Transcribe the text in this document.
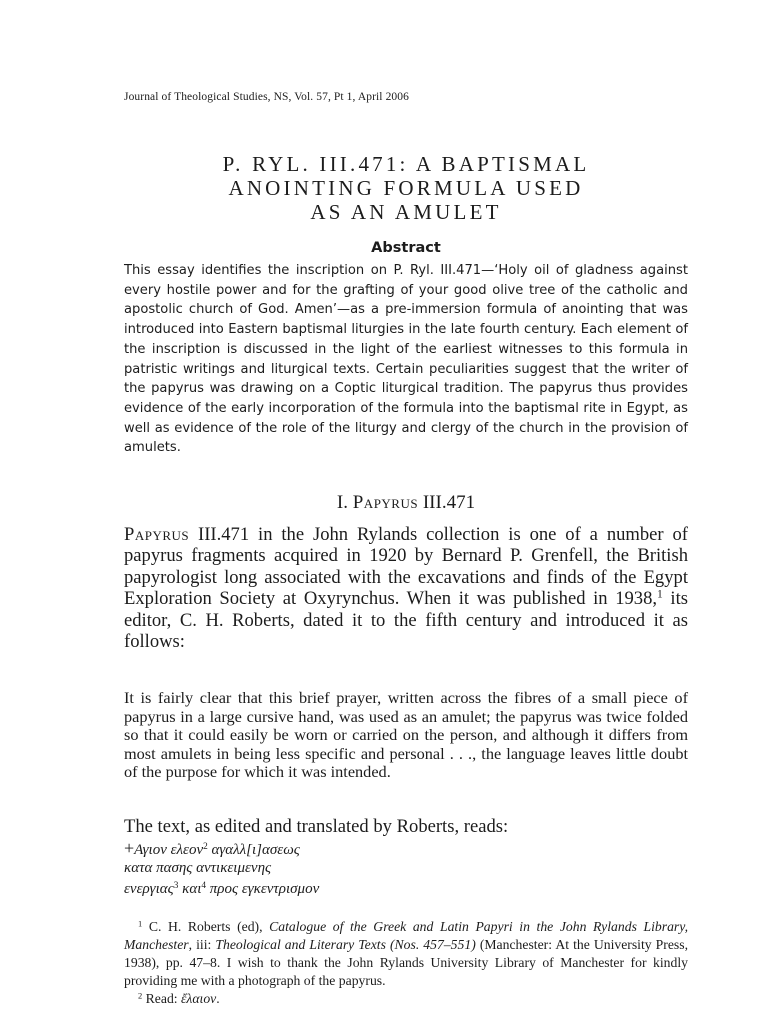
Journal of Theological Studies, NS, Vol. 57, Pt 1, April 2006
P. RYL. III.471: A BAPTISMAL
ANOINTING FORMULA USED
AS AN AMULET
Abstract

This essay identifies the inscription on P. Ryl. III.471—‘Holy oil of gladness against every hostile power and for the grafting of your good olive tree of the catholic and apostolic church of God. Amen’—as a pre-immersion formula of anointing that was introduced into Eastern baptismal liturgies in the late fourth century. Each element of the inscription is discussed in the light of the earliest witnesses to this formula in patristic writings and liturgical texts. Certain peculiarities suggest that the writer of the papyrus was drawing on a Coptic liturgical tradition. The papyrus thus provides evidence of the early incorporation of the formula into the baptismal rite in Egypt, as well as evidence of the role of the liturgy and clergy of the church in the provision of amulets.

I. Papyrus III.471

Papyrus III.471 in the John Rylands collection is one of a number of papyrus fragments acquired in 1920 by Bernard P. Grenfell, the British papyrologist long associated with the excavations and finds of the Egypt Exploration Society at Oxyrynchus. When it was published in 1938,$^1$ its editor, C. H. Roberts, dated it to the fifth century and introduced it as follows:

It is fairly clear that this brief prayer, written across the fibres of a small piece of papyrus in a large cursive hand, was used as an amulet; the papyrus was twice folded so that it could easily be worn or carried on the person, and although it differs from most amulets in being less specific and personal . . ., the language leaves little doubt of the purpose for which it was intended.

The text, as edited and translated by Roberts, reads:
+Αγιον ελεον$^2$ αγαλλ[ι]ασεως
κατα πασης αντικειμενης
ενεργιας$^3$ και$^4$ προς εγκεντρισμον

$^1$ C. H. Roberts (ed), Catalogue of the Greek and Latin Papyri in the John Rylands Library, Manchester, iii: Theological and Literary Texts (Nos. 457–551) (Manchester: At the University Press, 1938), pp. 47–8. I wish to thank the John Rylands University Library of Manchester for kindly providing me with a photograph of the papyrus.

$^2$ Read: ἔλαιον.
